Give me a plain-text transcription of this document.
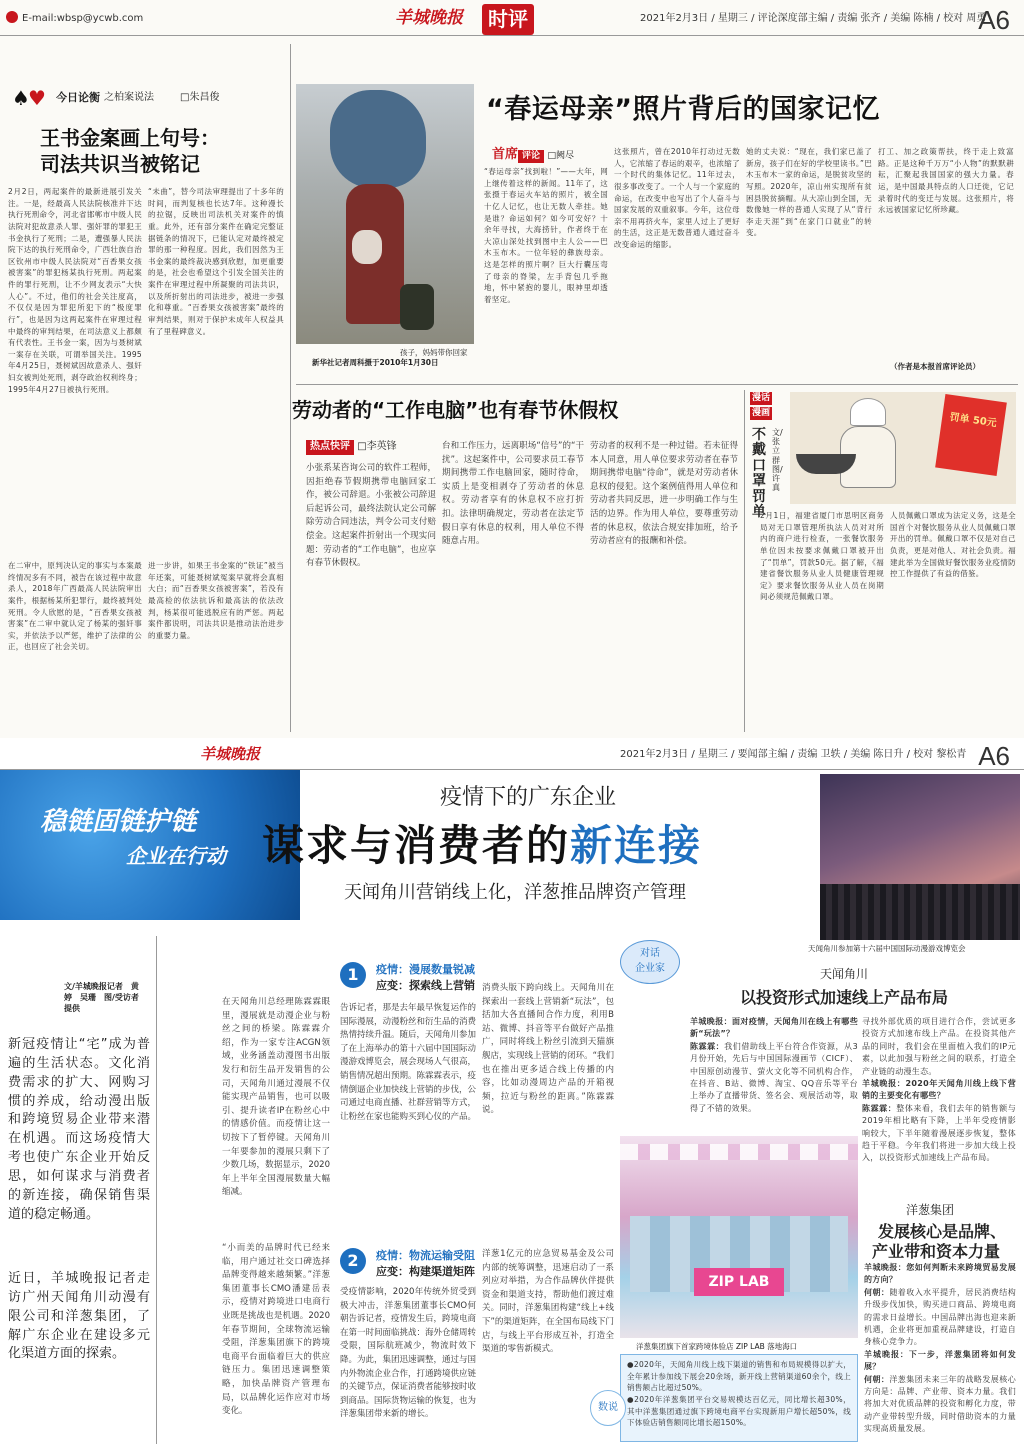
E-mail:wbsp@ycwb.com	羊城晚报	时评	2021年2月3日 / 星期三 / 评论深度部主编 / 责编 张齐 / 美编 陈楠 / 校对 周勇
A6
♠
♥ 今日论衡 之柏案说法	□朱昌俊
王书金案画上句号：
司法共识当被铭记
2月2日，两起案件的最新进展引发关注。一是，经最高人民法院核准并下达执行死刑命令，河北省邯郸市中级人民法院对犯故意杀人罪、强奸罪的罪犯王书金执行了死刑；二是，遭强暴人民法院下达的执行死刑命令，广西壮族自治区钦州市中级人民法院对“百香果女孩被害案”的罪犯杨某执行死刑。两起案件的罪行死刑，让不少网友表示“大快人心”。不过，他们的社会关注度高，不仅仅是因为罪犯所犯下的“极度罪行”，也是因为这两起案件在审理过程中最终的审判结果，在司法意义上都颇有代表性。王书金一案，因为与聂树斌一案存在关联，可谓举国关注。1995年4月25日，聂树斌因故意杀人、强奸妇女被判处死刑，剥夺政治权利终身；1995年4月27日被执行死刑。
“未曲”，替今司法审理提出了十多年的时间，而判复核也长达7年。这种漫长的拉锯，反映出司法机关对案件的慎重。此外，还有部分案件在确定完整证据链条的情况下，已能认定对最终被定罪的那一种程度。因此，我们因然为王书金案的最终裁决感到欣慰，加更重要的是，社会也希望这个引发全国关注的案件在审理过程中所凝聚的司法共识，以及所折射出的司法进步，被进一步强化和尊重。“百香果女孩被害案”最终的审判结果，则对于保护未成年人权益具有了里程碑意义。
在二审中，原判决认定的事实与本案最终情况多有不同，被告在该过程中故意杀人，2018年广西最高人民法院审出案件，根据杨某所犯罪行，最终被判处死刑。令人欣慰的是，“百香果女孩被害案”在二审中就认定了杨某的强奸事实，并依法予以严惩，维护了法律的公正，也回应了社会关切。
进一步讲，如果王书金案的“铁证”被当年还案，可能聂树斌冤案早就将会真相大白；而“百香果女孩被害案”，若没有最高检的依法抗诉和最高法的依法改判，杨某很可能逃脱应有的严惩。两起案件都说明，司法共识是推动法治进步的重要力量。
孩子，妈妈带你回家
新华社记者周科摄于2010年1月30日
“春运母亲”照片背后的国家记忆
首席 评论 □阙尽
“春运母亲”找到啦！”——大年，网上继传着这样的新闻。11年了，这张摄于春运火车站的照片，被全国十亿人记忆，也让无数人牵挂。她是谁？命运如何？如今可安好？十余年寻找，大海捞针，作者终于在大凉山深处找到图中主人公——巴木玉布木。一位年轻的彝族母亲。这是怎样的照片啊？巨大行囊压弯了母亲的脊梁，左手背包几乎拖地，怀中紧抱的婴儿，眼神里却透着坚定。
这张照片，曾在2010年打动过无数人，它浓缩了春运的艰辛，也浓缩了一个时代的集体记忆。11年过去，很多事改变了。一个人与一个家庭的命运，在改变中也写出了个人奋斗与国家发展的双重叙事。今年，这位母亲不用再挤火车，家里人过上了更好的生活，这正是无数普通人通过奋斗改变命运的缩影。
她的丈夫说：“现在，我们家已盖了新房，孩子们在好的学校里读书。”巴木玉布木一家的命运，是脱贫攻坚的写照。2020年，凉山州实现所有贫困县脱贫摘帽。从大凉山到全国，无数像她一样的普通人实现了从“背行李走天涯”到“在家门口就业”的转变。
打工、加之政策帮扶，终于走上致富路。正是这种千万万“小人物”的默默耕耘，汇聚起我国国家的强大力量。春运，是中国最具特点的人口迁徙，它记录着时代的变迁与发展。这张照片，将永远被国家记忆所珍藏。
（作者是本报首席评论员）
劳动者的“工作电脑”也有春节休假权
热点快评 □李英锋
小张系某咨询公司的软件工程师，因拒绝春节假期携带电脑回家工作，被公司辞退。小张被公司辞退后起诉公司，最终法院认定公司解除劳动合同违法，判令公司支付赔偿金。这起案件折射出一个现实问题：劳动者的“工作电脑”，也应享有春节休假权。
台和工作压力，远离职场“信号”的“干扰”。这起案件中，公司要求员工春节期间携带工作电脑回家，随时待命，实质上是变相剥夺了劳动者的休息权。劳动者享有的休息权不应打折扣。法律明确规定，劳动者在法定节假日享有休息的权利，用人单位不得随意占用。
劳动者的权利不是一种过错。若未征得本人同意，用人单位要求劳动者在春节期间携带电脑“待命”，就是对劳动者休息权的侵犯。这个案例值得用人单位和劳动者共同反思，进一步明确工作与生活的边界。作为用人单位，要尊重劳动者的休息权，依法合规安排加班，给予劳动者应有的报酬和补偿。
漫话
漫画
不戴口罩罚单
文/张立群　图/许真
罚单 50元
2月1日，福建省厦门市思明区商务局对无口罩管理所执法人员对对所内的商户进行检查，一张餐饮服务单位因未按要求佩戴口罩被开出了“罚单”，罚款50元。据了解，《福建省餐饮服务从业人员健康管理规定》要求餐饮服务从业人员在岗期间必须规范佩戴口罩。
人员佩戴口罩成为法定义务，这是全国首个对餐饮服务从业人员佩戴口罩开出的罚单。佩戴口罩不仅是对自己负责，更是对他人、对社会负责。福建此举为全国做好餐饮服务业疫情防控工作提供了有益的借鉴。
羊城晚报	2021年2月3日 / 星期三 / 要闻部主编 / 责编 卫轶 / 美编 陈日升 / 校对 黎松青 A6
稳链固链护链
企业在行动
疫情下的广东企业
谋求与消费者的新连接
天闻角川营销线上化，洋葱推品牌资产管理
天闻角川参加第十六届中国国际动漫游戏博览会
文/羊城晚报记者　黄婷　吴珊　图/受访者提供
新冠疫情让“宅”成为普遍的生活状态。文化消费需求的扩大、网购习惯的养成，给动漫出版和跨境贸易企业带来潜在机遇。而这场疫情大考也使广东企业开始反思，如何谋求与消费者的新连接，确保销售渠道的稳定畅通。
近日，羊城晚报记者走访广州天闻角川动漫有限公司和洋葱集团，了解广东企业在建设多元化渠道方面的探索。
1	疫情：漫展数量锐减
应变：探索线上营销
在天闻角川总经理陈霖霖眼里，漫展就是动漫企业与粉丝之间的桥梁。陈霖霖介绍，作为一家专注ACGN领域，业务涵盖动漫图书出版发行和衍生品开发销售的公司，天闻角川通过漫展不仅能实现产品销售，也可以吸引、提升读者IP在粉丝心中的情感价值。而疫情让这一切按下了暂停键。天闻角川一年要参加的漫展只剩下了少数几场，数据显示，2020年上半年全国漫展数量大幅缩减。
告诉记者，那是去年最早恢复运作的国际漫展，动漫粉丝和衍生品的消费热情持续升温。随后，天闻角川参加了在上海举办的第十六届中国国际动漫游戏博览会，展会现场人气很高，销售情况超出预期。陈霖霖表示，疫情倒逼企业加快线上营销的步伐，公司通过电商直播、社群营销等方式，让粉丝在家也能购买到心仪的产品。
消费头版下跨向线上。天闻角川在探索出一套线上营销新“玩法”，包括加大各直播间合作力度，利用B站、微博、抖音等平台做好产品推广，同时将线上粉丝引流到天猫旗舰店，实现线上营销的闭环。“我们也在推出更多适合线上传播的内容，比如动漫周边产品的开箱视频，拉近与粉丝的距离。”陈霖霖说。
2	疫情：物流运输受阻
应变：构建渠道矩阵
“小而美的品牌时代已经来临，用户通过社交口碑选择品牌变得越来越频繁。”洋葱集团董事长CMO潘建岳表示，疫情对跨境进口电商行业既是挑战也是机遇。2020年春节期间，全球物流运输受阻，洋葱集团旗下的跨境电商平台面临着巨大的供应链压力。集团迅速调整策略，加快品牌资产管理布局，以品牌化运作应对市场变化。
受疫情影响，2020年传统外贸受到极大冲击，洋葱集团董事长CMO何朝告诉记者，疫情发生后，跨境电商在第一时间面临挑战：海外仓储周转受限，国际航班减少，物流时效下降。为此，集团迅速调整，通过与国内外物流企业合作，打通跨境供应链的关键节点，保证消费者能够按时收到商品。国际货物运输的恢复，也为洋葱集团带来新的增长。
洋葱1亿元的应急贸易基金及公司内部的统筹调整，迅速启动了一系列应对举措，为合作品牌伙伴提供资金和渠道支持，帮助他们渡过难关。同时，洋葱集团构建“线上+线下”的渠道矩阵，在全国布局线下门店，与线上平台形成互补，打造全渠道的零售新模式。
对话
企业家	天闻角川
以投资形式加速线上产品布局
羊城晚报：面对疫情，天闻角川在线上有哪些新“玩法”？
陈霖霖：我们借助线上平台符合作资源，从3月份开始，先后与中国国际漫画节（CICF）、中国原创动漫节、萤火文化等不同机构合作，在抖音、B站、微博、淘宝、QQ音乐等平台上举办了直播带货、签名会、观展活动等，取得了不错的效果。
寻找外部优质的项目进行合作，尝试更多投资方式加速布线上产品。在投资其他产品的同时，我们会在里面植入我们的IP元素，以此加强与粉丝之间的联系，打造全产业链的动漫生态。
羊城晚报：2020年天闻角川线上线下营销的主要变化有哪些？
陈霖霖：整体来看，我们去年的销售额与2019年相比略有下降，上半年受疫情影响较大，下半年随着漫展逐步恢复，整体趋于平稳。今年我们将进一步加大线上投入，以投资形式加速线上产品布局。
ZIP LAB
洋葱集团旗下首家跨境体验店 ZIP LAB 落地海口
洋葱集团
发展核心是品牌、
产业带和资本力量
羊城晚报：您如何判断未来跨境贸易发展的方向？
何朝：随着收入水平提升，居民消费结构升级步伐加快，购买进口商品、跨境电商的需求日益增长。中国品牌出海也迎来新机遇，企业将更加重视品牌建设，打造自身核心竞争力。
羊城晚报：下一步，洋葱集团将如何发展？
何朝：洋葱集团未来三年的战略发展核心方向是：品牌、产业带、资本力量。我们将加大对优质品牌的投资和孵化力度，带动产业带转型升级，同时借助资本的力量实现高质量发展。
●2020年，天闻角川线上线下渠道的销售和布局规模得以扩大，全年累计参加线下展会20余场，新开线上营销渠道60余个，线上销售额占比超过50%。
●2020年洋葱集团平台交易规模达百亿元，同比增长超30%，其中洋葱集团通过旗下跨境电商平台实现新用户增长超50%，线下体验店销售额同比增长超150%。
数说
